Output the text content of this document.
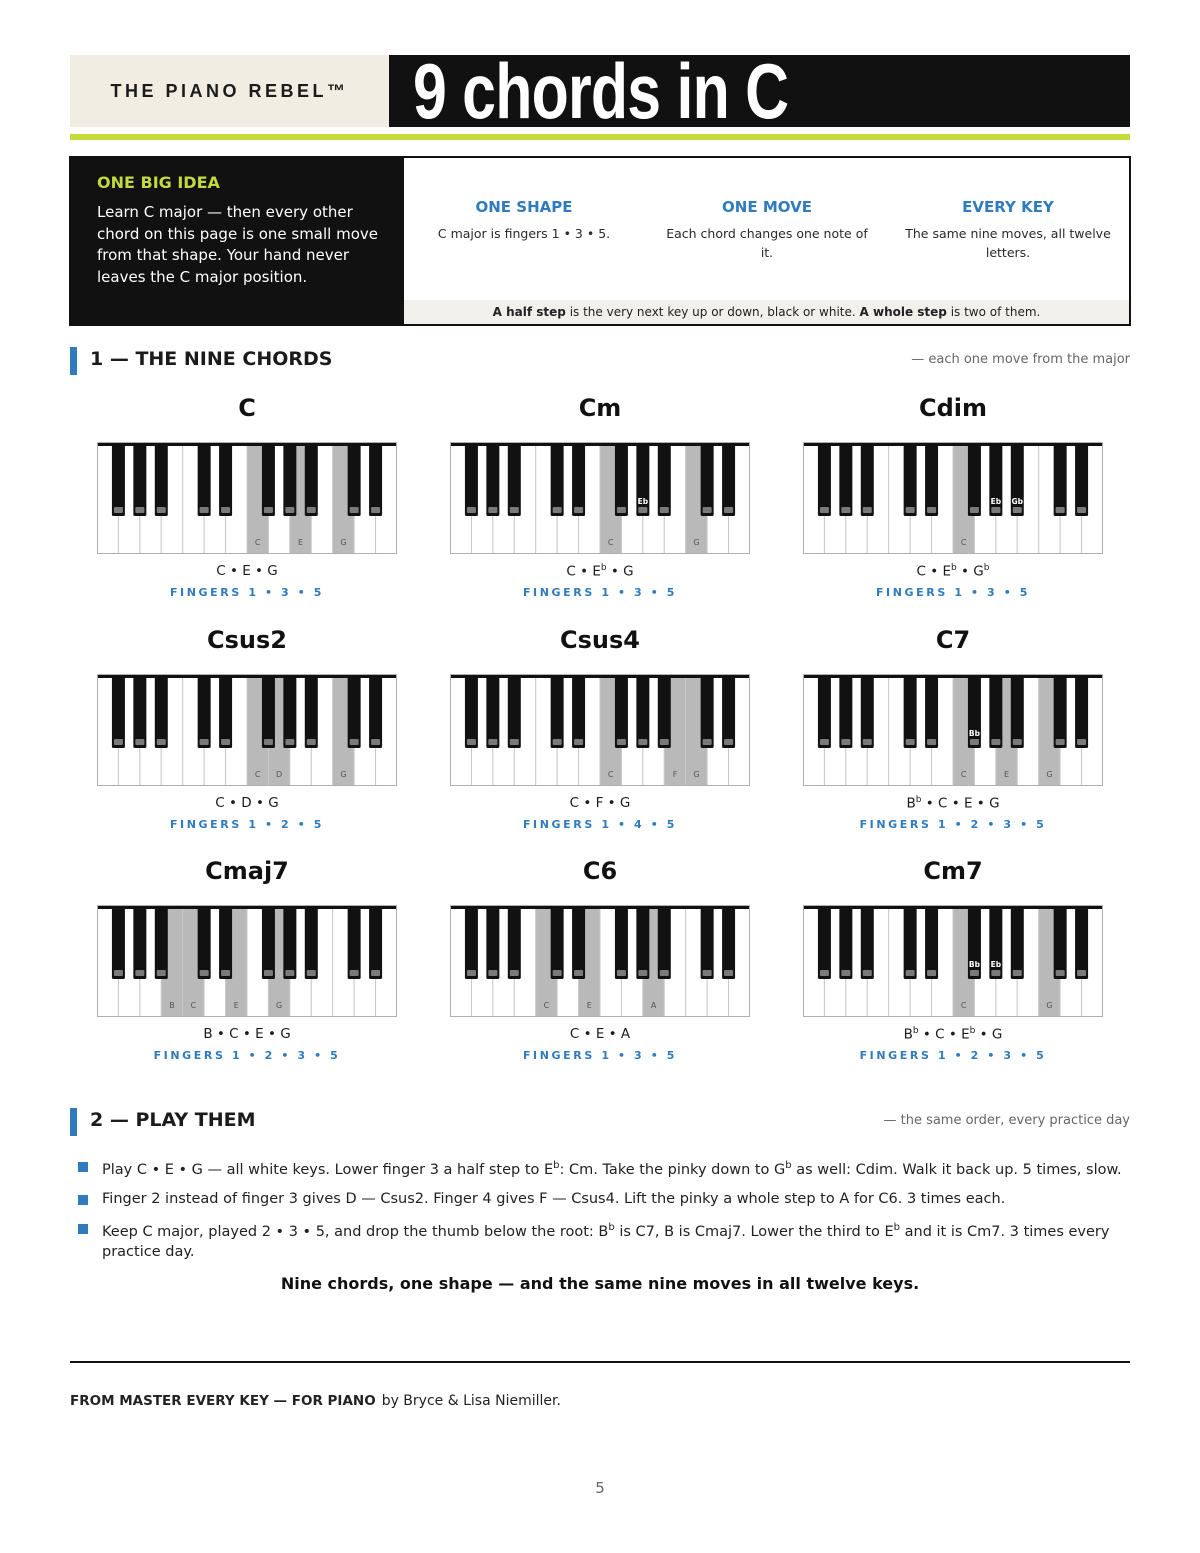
THE PIANO REBEL™ 9 chords in C
ONE BIG IDEA

Learn C major — then every other chord on this page is one small move from that shape. Your hand never leaves the C major position.

ONE SHAPE

C major is fingers 1 • 3 • 5.

ONE MOVE

Each chord changes one note of it.

EVERY KEY

The same nine moves, all twelve letters.

A half step is the very next key up or down, black or white. A whole step is two of them.
1 — THE NINE CHORDS	— each one move from the major
C
C	E	G
C • E • G
FINGERS 1 • 3 • 5
Cm
C	G
Eb
C • $E^b$ • G
FINGERS 1 • 3 • 5
Cdim
C
Eb Gb
C • $E^b$ • $G^b$
FINGERS 1 • 3 • 5
Csus2
C D	G
C • D • G
FINGERS 1 • 2 • 5
Csus4
C	F G
C • F • G
FINGERS 1 • 4 • 5
C7
C	E	G
Bb
$B^b$ • C • E • G
FINGERS 1 • 2 • 3 • 5
Cmaj7
B C	E	G
B • C • E • G
FINGERS 1 • 2 • 3 • 5
C6
C	E	A
C • E • A
FINGERS 1 • 3 • 5
Cm7
C	G
Bb Eb
$B^b$ • C • $E^b$ • G
FINGERS 1 • 2 • 3 • 5
2 — PLAY THEM	— the same order, every practice day
Play C • E • G — all white keys. Lower finger 3 a half step to $E^b$: Cm. Take the pinky down to $G^b$ as well: Cdim. Walk it back up. 5 times, slow.
Finger 2 instead of finger 3 gives D — Csus2. Finger 4 gives F — Csus4. Lift the pinky a whole step to A for C6. 3 times each.
Keep C major, played 2 • 3 • 5, and drop the thumb below the root: $B^b$ is C7, B is Cmaj7. Lower the third to $E^b$ and it is Cm7. 3 times every practice day.
Nine chords, one shape — and the same nine moves in all twelve keys.
FROM MASTER EVERY KEY — FOR PIANO by Bryce & Lisa Niemiller.
5
